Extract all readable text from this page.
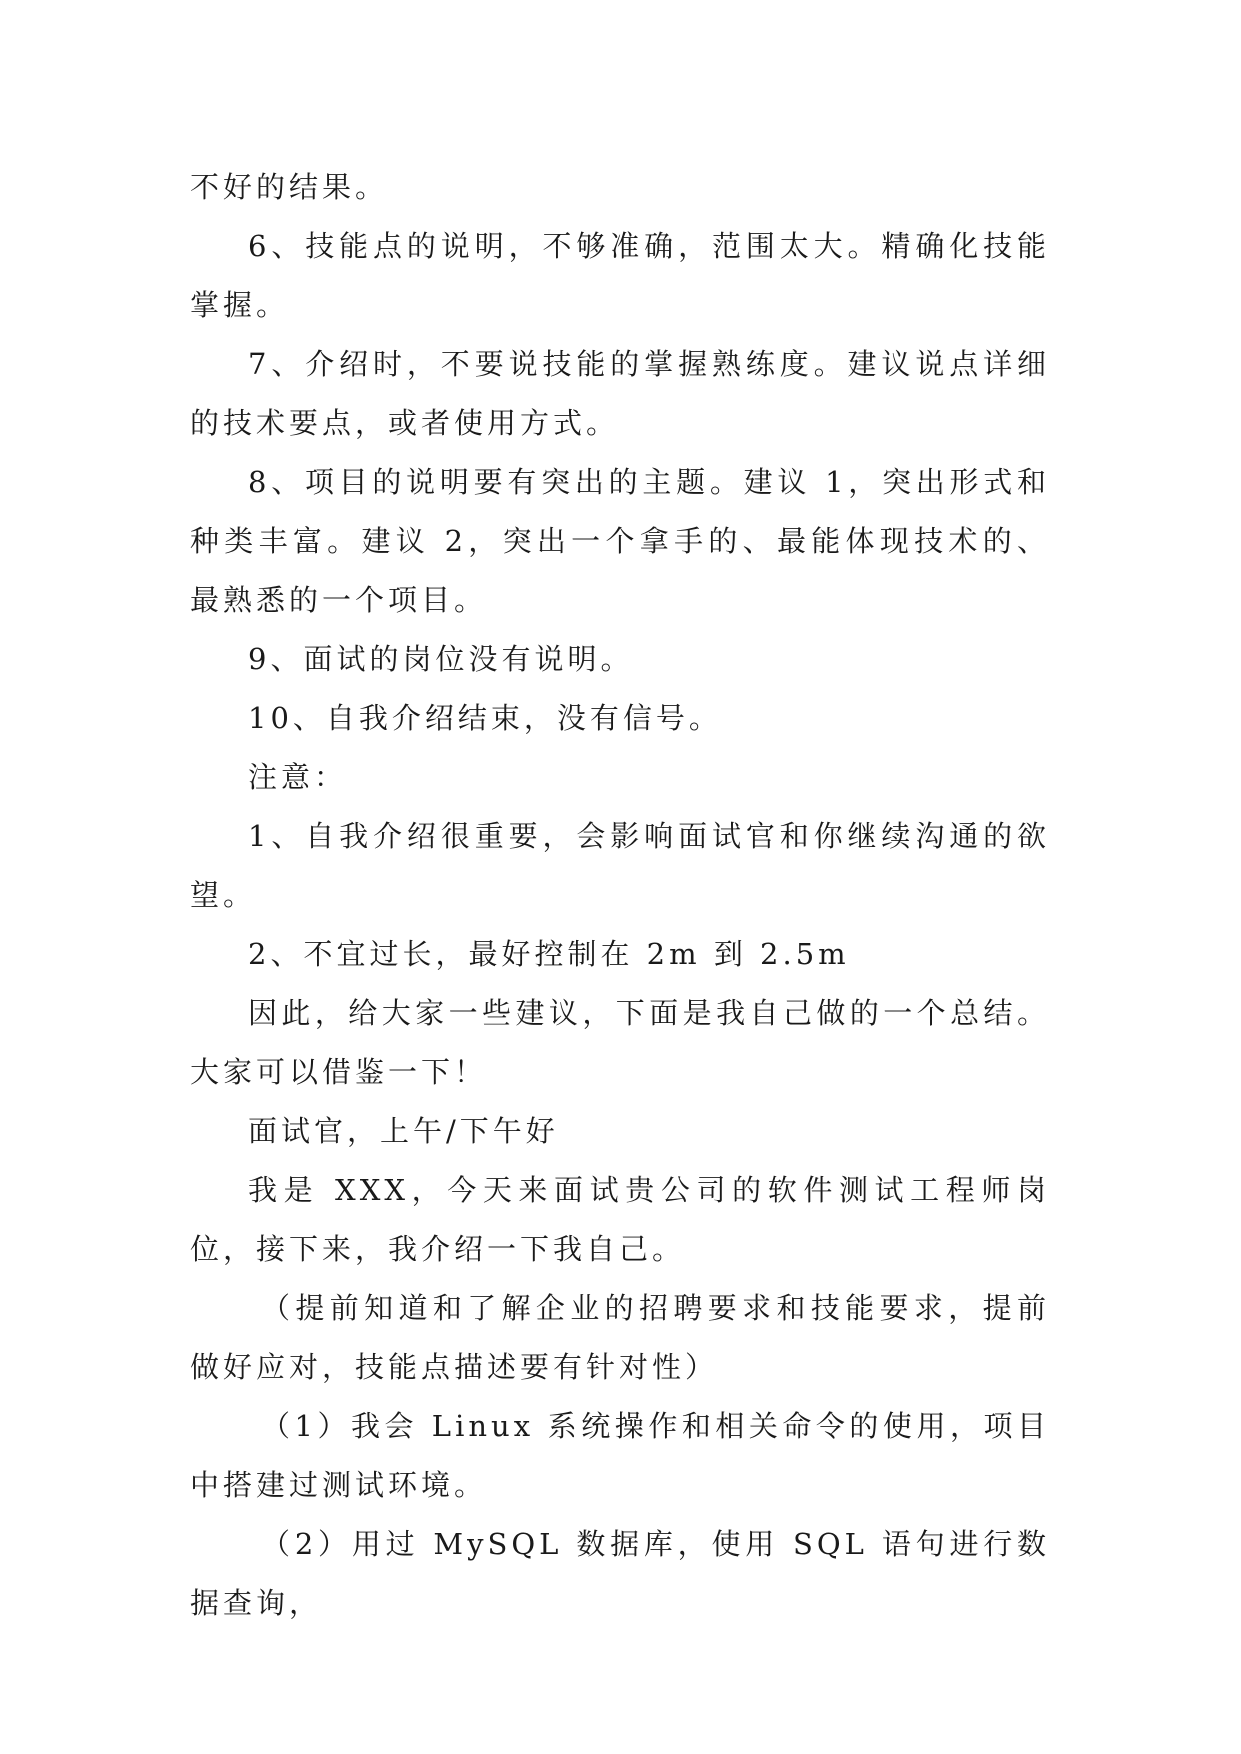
不好的结果。

6、技能点的说明，不够准确，范围太大。精确化技能掌握。

7、介绍时，不要说技能的掌握熟练度。建议说点详细的技术要点，或者使用方式。

8、项目的说明要有突出的主题。建议 1，突出形式和种类丰富。建议 2，突出一个拿手的、最能体现技术的、最熟悉的一个项目。

9、面试的岗位没有说明。

10、自我介绍结束，没有信号。

注意：

1、自我介绍很重要，会影响面试官和你继续沟通的欲望。

2、不宜过长，最好控制在 2m 到 2.5m

因此，给大家一些建议，下面是我自己做的一个总结。大家可以借鉴一下！

面试官，上午/下午好

我是 XXX，今天来面试贵公司的软件测试工程师岗位，接下来，我介绍一下我自己。

（提前知道和了解企业的招聘要求和技能要求，提前做好应对，技能点描述要有针对性）

（1）我会 Linux 系统操作和相关命令的使用，项目中搭建过测试环境。

（2）用过 MySQL 数据库，使用 SQL 语句进行数据查询，
